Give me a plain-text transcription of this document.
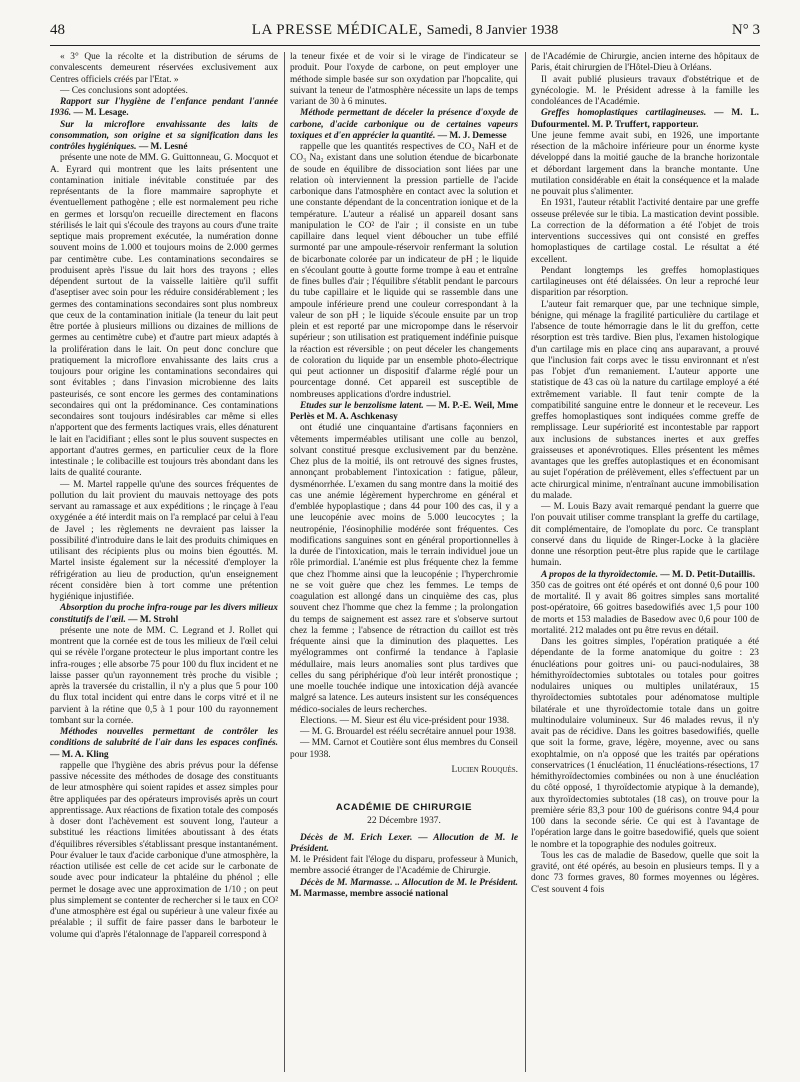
48	LA PRESSE MÉDICALE, Samedi, 8 Janvier 1938	N° 3

« 3° Que la récolte et la distribution de sérums de convalescents demeurent réservées exclusivement aux Centres officiels créés par l'Etat. »

— Ces conclusions sont adoptées.

Rapport sur l'hygiène de l'enfance pendant l'année 1936. — M. Lesage.

Sur la microflore envahissante des laits de consommation, son origine et sa signification dans les contrôles hygiéniques. — M. Lesné

présente une note de MM. G. Guittonneau, G. Mocquot et A. Eyrard qui montrent que les laits présentent une contamination initiale inévitable constituée par des représentants de la flore mammaire saprophyte et éventuellement pathogène ; elle est normalement peu riche en germes et lorsqu'on recueille directement en flacons stérilisés le lait qui s'écoule des trayons au cours d'une traite septique mais proprement exécutée, la numération donne souvent moins de 1.000 et toujours moins de 2.000 germes par centimètre cube. Les contaminations secondaires se produisent après l'issue du lait hors des trayons ; elles dépendent surtout de la vaisselle laitière qu'il suffit d'aseptiser avec soin pour les réduire considérablement ; les germes des contaminations secondaires sont plus nombreux que ceux de la contamination initiale (la teneur du lait peut être portée à plusieurs millions ou dizaines de millions de germes au centimètre cube) et d'autre part mieux adaptés à la prolifération dans le lait. On peut donc conclure que pratiquement la microflore envahissante des laits crus a toujours pour origine les contaminations secondaires qui sont évitables ; dans l'invasion microbienne des laits pasteurisés, ce sont encore les germes des contaminations secondaires qui ont la prédominance. Ces contaminations secondaires sont toujours indésirables car même si elles n'apportent que des ferments lactiques vrais, elles dénaturent le lait en l'acidifiant ; elles sont le plus souvent suspectes en apportant d'autres germes, en particulier ceux de la flore intestinale ; le colibacille est toujours très abondant dans les laits de qualité courante.

— M. Martel rappelle qu'une des sources fréquentes de pollution du lait provient du mauvais nettoyage des pots servant au ramassage et aux expéditions ; le rinçage à l'eau oxygénée a été interdit mais on l'a remplacé par celui à l'eau de Javel ; les règlements ne devraient pas laisser la possibilité d'introduire dans le lait des produits chimiques en utilisant des récipients plus ou moins bien égouttés. M. Martel insiste également sur la nécessité d'employer la réfrigération au lieu de production, qu'un enseignement récent considère bien à tort comme une prétention hygiénique injustifiée.

Absorption du proche infra-rouge par les divers milieux constitutifs de l'œil. — M. Strohl

présente une note de MM. C. Legrand et J. Rollet qui montrent que la cornée est de tous les milieux de l'œil celui qui se révèle l'organe protecteur le plus important contre les infra-rouges ; elle absorbe 75 pour 100 du flux incident et ne laisse passer qu'un rayonnement très proche du visible ; après la traversée du cristallin, il n'y a plus que 5 pour 100 du flux total incident qui entre dans le corps vitré et il ne parvient à la rétine que 0,5 à 1 pour 100 du rayonnement tombant sur la cornée.

Méthodes nouvelles permettant de contrôler les conditions de salubrité de l'air dans les espaces confinés. — M. A. Kling

rappelle que l'hygiène des abris prévus pour la défense passive nécessite des méthodes de dosage des constituants de leur atmosphère qui soient rapides et assez simples pour être appliquées par des opérateurs improvisés après un court apprentissage. Aux réactions de fixation totale des composés à doser dont l'achèvement est souvent long, l'auteur a substitué les réactions limitées aboutissant à des états d'équilibres réversibles s'établissant presque instantanément. Pour évaluer le taux d'acide carbonique d'une atmosphère, la réaction utilisée est celle de cet acide sur le carbonate de soude avec pour indicateur la phtaléine du phénol ; elle permet le dosage avec une approximation de 1/10 ; on peut plus simplement se contenter de rechercher si le taux en CO² d'une atmosphère est égal ou supérieur à une valeur fixée au préalable ; il suffit de faire passer dans le barboteur le volume qui d'après l'étalonnage de l'appareil correspond à

la teneur fixée et de voir si le virage de l'indicateur se produit. Pour l'oxyde de carbone, on peut employer une méthode simple basée sur son oxydation par l'hopcalite, qui suivant la teneur de l'atmosphère nécessite un laps de temps variant de 30 à 6 minutes.

Méthode permettant de déceler la présence d'oxyde de carbone, d'acide carbonique ou de certaines vapeurs toxiques et d'en apprécier la quantité. — M. J. Demesse

rappelle que les quantités respectives de CO₃ NaH et de CO₃ Na₂ existant dans une solution étendue de bicarbonate de soude en équilibre de dissociation sont liées par une relation où interviennent la pression partielle de l'acide carbonique dans l'atmosphère en contact avec la solution et une constante dépendant de la concentration ionique et de la température. L'auteur a réalisé un appareil dosant sans manipulation le CO² de l'air ; il consiste en un tube capillaire dans lequel vient déboucher un tube effilé surmonté par une ampoule-réservoir renfermant la solution de bicarbonate colorée par un indicateur de pH ; le liquide en s'écoulant goutte à goutte forme trompe à eau et entraîne de fines bulles d'air ; l'équilibre s'établit pendant le parcours du tube capillaire et le liquide qui se rassemble dans une ampoule inférieure prend une couleur correspondant à la valeur de son pH ; le liquide s'écoule ensuite par un trop plein et est reporté par une micropompe dans le réservoir supérieur ; son utilisation est pratiquement indéfinie puisque la réaction est réversible ; on peut déceler les changements de coloration du liquide par un ensemble photo-électrique qui peut actionner un dispositif d'alarme réglé pour un pourcentage donné. Cet appareil est susceptible de nombreuses applications d'ordre industriel.

Etudes sur le benzolisme latent. — M. P.-E. Weil, Mme Perlès et M. A. Aschkenasy

ont étudié une cinquantaine d'artisans façonniers en vêtements imperméables utilisant une colle au benzol, solvant constitué presque exclusivement par du benzène. Chez plus de la moitié, ils ont retrouvé des signes frustes, annonçant probablement l'intoxication : fatigue, pâleur, dysménorrhée. L'examen du sang montre dans la moitié des cas une anémie légèrement hyperchrome en général et d'emblée hypoplastique ; dans 44 pour 100 des cas, il y a une leucopénie avec moins de 5.000 leucocytes ; la neutropénie, l'éosinophilie modérée sont fréquentes. Ces modifications sanguines sont en général proportionnelles à la durée de l'intoxication, mais le terrain individuel joue un rôle primordial. L'anémie est plus fréquente chez la femme que chez l'homme ainsi que la leucopénie ; l'hyperchromie ne se voit guère que chez les femmes. Le temps de coagulation est allongé dans un cinquième des cas, plus souvent chez l'homme que chez la femme ; la prolongation du temps de saignement est assez rare et s'observe surtout chez la femme ; l'absence de rétraction du caillot est très fréquente ainsi que la diminution des plaquettes. Les myélogrammes ont confirmé la tendance à l'aplasie médullaire, mais leurs anomalies sont plus tardives que celles du sang périphérique d'où leur intérêt pronostique ; une moelle touchée indique une intoxication déjà avancée malgré sa latence. Les auteurs insistent sur les conséquences médico-sociales de leurs recherches.

Elections. — M. Sieur est élu vice-président pour 1938.

— M. G. Brouardel est réélu secrétaire annuel pour 1938.

— MM. Carnot et Coutière sont élus membres du Conseil pour 1938.

Lucien Rouquès.
ACADÉMIE DE CHIRURGIE
22 Décembre 1937.

Décès de M. Erich Lexer. — Allocution de M. le Président.

M. le Président fait l'éloge du disparu, professeur à Munich, membre associé étranger de l'Académie de Chirurgie.

Décès de M. Marmasse. .. Allocution de M. le Président. M. Marmasse, membre associé national

de l'Académie de Chirurgie, ancien interne des hôpitaux de Paris, était chirurgien de l'Hôtel-Dieu à Orléans.

Il avait publié plusieurs travaux d'obstétrique et de gynécologie. M. le Président adresse à la famille les condoléances de l'Académie.

Greffes homoplastiques cartilagineuses. — M. L. Dufourmentel. M. P. Truffert, rapporteur.

Une jeune femme avait subi, en 1926, une importante résection de la mâchoire inférieure pour un énorme kyste développé dans la moitié gauche de la branche horizontale et débordant largement dans la branche montante. Une mutilation considérable en était la conséquence et la malade ne pouvait plus s'alimenter.

En 1931, l'auteur rétablit l'activité dentaire par une greffe osseuse prélevée sur le tibia. La mastication devint possible. La correction de la déformation a été l'objet de trois interventions successives qui ont consisté en greffes homoplastiques de cartilage costal. Le résultat a été excellent.

Pendant longtemps les greffes homoplastiques cartilagineuses ont été délaissées. On leur a reproché leur disparition par résorption.

L'auteur fait remarquer que, par une technique simple, bénigne, qui ménage la fragilité particulière du cartilage et l'absence de toute hémorragie dans le lit du greffon, cette résorption est très tardive. Bien plus, l'examen histologique d'un cartilage mis en place cinq ans auparavant, a prouvé que l'inclusion fait corps avec le tissu environnant et n'est pas l'objet d'un remaniement. L'auteur apporte une statistique de 43 cas où la nature du cartilage employé a été extrêmement variable. Il faut tenir compte de la compatibilité sanguine entre le donneur et le receveur. Les greffes homoplastiques sont indiquées comme greffe de remplissage. Leur supériorité est incontestable par rapport aux inclusions de substances inertes et aux greffes graisseuses et aponévrotiques. Elles présentent les mêmes avantages que les greffes autoplastiques et en économisant au sujet l'opération de prélèvement, elles s'effectuent par un acte chirurgical minime, n'entraînant aucune immobilisation du malade.

— M. Louis Bazy avait remarqué pendant la guerre que l'on pouvait utiliser comme transplant la greffe du cartilage, dit complémentaire, de l'omoplate du porc. Ce transplant conservé dans du liquide de Ringer-Locke à la glacière donne une résorption peut-être plus rapide que le cartilage humain.

A propos de la thyroïdectomie. — M. D. Petit-Dutaillis.

350 cas de goitres ont été opérés et ont donné 0,6 pour 100 de mortalité. Il y avait 86 goitres simples sans mortalité post-opératoire, 66 goitres basedowifiés avec 1,5 pour 100 de morts et 153 maladies de Basedow avec 0,6 pour 100 de mortalité. 212 malades ont pu être revus en détail.

Dans les goitres simples, l'opération pratiquée a été dépendante de la forme anatomique du goitre : 23 énucléations pour goitres uni- ou pauci-nodulaires, 38 hémithyroïdectomies subtotales ou totales pour goitres nodulaires uniques ou multiples unilatéraux, 15 thyroïdectomies subtotales pour adénomatose multiple bilatérale et une thyroïdectomie totale dans un goitre multinodulaire volumineux. Sur 46 malades revus, il n'y avait pas de récidive. Dans les goitres basedowifiés, quelle que soit la forme, grave, légère, moyenne, avec ou sans exophtalmie, on n'a opposé que les traités par opérations conservatrices (1 énucléation, 11 énucléations-résections, 17 hémithyroïdectomies combinées ou non à une énucléation du côté opposé, 1 thyroïdectomie atypique à la demande), aux thyroïdectomies subtotales (18 cas), on trouve pour la première série 83,3 pour 100 de guérisons contre 94,4 pour 100 dans la seconde série. Ce qui est à l'avantage de l'opération large dans le goitre basedowifié, quels que soient le nombre et la topographie des nodules goitreux.

Tous les cas de maladie de Basedow, quelle que soit la gravité, ont été opérés, au besoin en plusieurs temps. Il y a donc 73 formes graves, 80 formes moyennes ou légères. C'est souvent 4 fois
